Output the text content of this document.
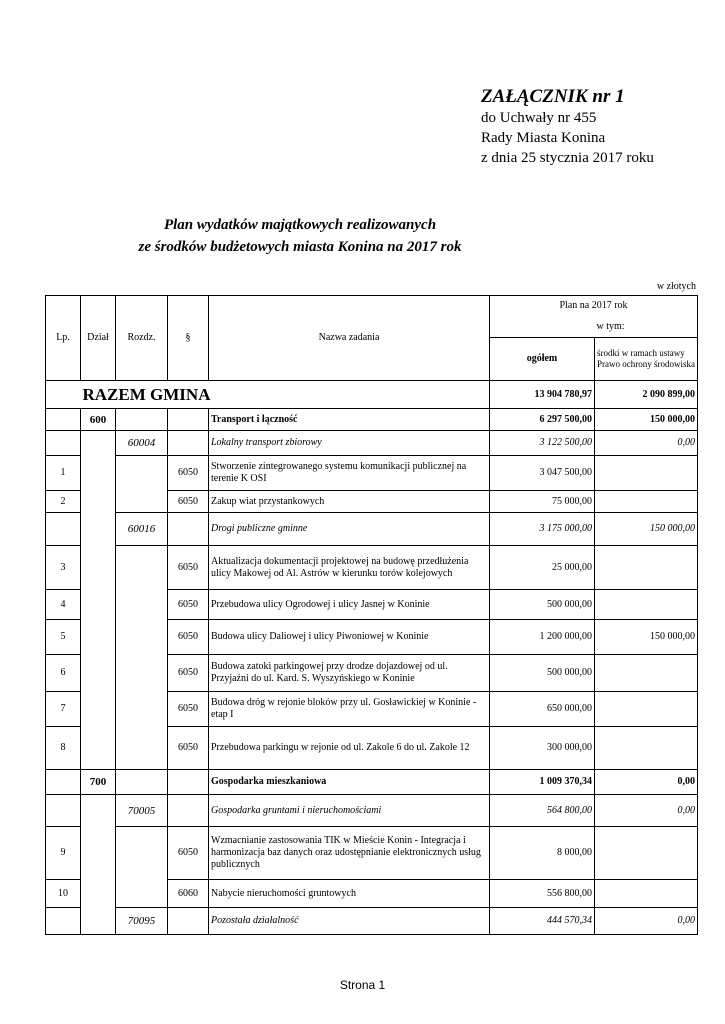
ZAŁĄCZNIK nr 1
do Uchwały nr 455
Rady Miasta Konina
z dnia 25 stycznia 2017 roku
Plan wydatków majątkowych realizowanych
ze środków budżetowych miasta Konina na 2017 rok
w złotych
Lp.	Dział	Rozdz.	§	Nazwa zadania	Plan na 2017 rok	
						w tym:
					ogółem	środki w ramach ustawy Prawo ochrony środowiska
	RAZEM GMINA				13 904 780,97	2 090 899,00
	600			Transport i łączność	6 297 500,00	150 000,00
		60004		Lokalny transport zbiorowy	3 122 500,00	0,00
1			6050	Stworzenie zintegrowanego systemu komunikacji publicznej na terenie K OSI	3 047 500,00	
2			6050	Zakup wiat przystankowych	75 000,00	
		60016		Drogi publiczne gminne	3 175 000,00	150 000,00
3			6050	Aktualizacja dokumentacji projektowej na budowę przedłużenia ulicy Makowej od Al. Astrów w kierunku torów kolejowych	25 000,00	
4			6050	Przebudowa ulicy Ogrodowej i ulicy Jasnej w Koninie	500 000,00	
5			6050	Budowa ulicy Daliowej i ulicy Piwoniowej w Koninie	1 200 000,00	150 000,00
6			6050	Budowa zatoki parkingowej przy drodze dojazdowej od ul. Przyjaźni do ul. Kard. S. Wyszyńskiego w Koninie	500 000,00	
7			6050	Budowa dróg w rejonie bloków przy ul. Gosławickiej w Koninie - etap I	650 000,00	
8			6050	Przebudowa parkingu w rejonie od ul. Zakole 6 do ul. Zakole 12	300 000,00	
	700			Gospodarka mieszkaniowa	1 009 370,34	0,00
		70005		Gospodarka gruntami i nieruchomościami	564 800,00	0,00
9			6050	Wzmacnianie zastosowania TIK w Mieście Konin - Integracja i harmonizacja baz danych oraz udostępnianie elektronicznych usług publicznych	8 000,00	
10			6060	Nabycie nieruchomości gruntowych	556 800,00	
		70095		Pozostała działalność	444 570,34	0,00
Strona 1
